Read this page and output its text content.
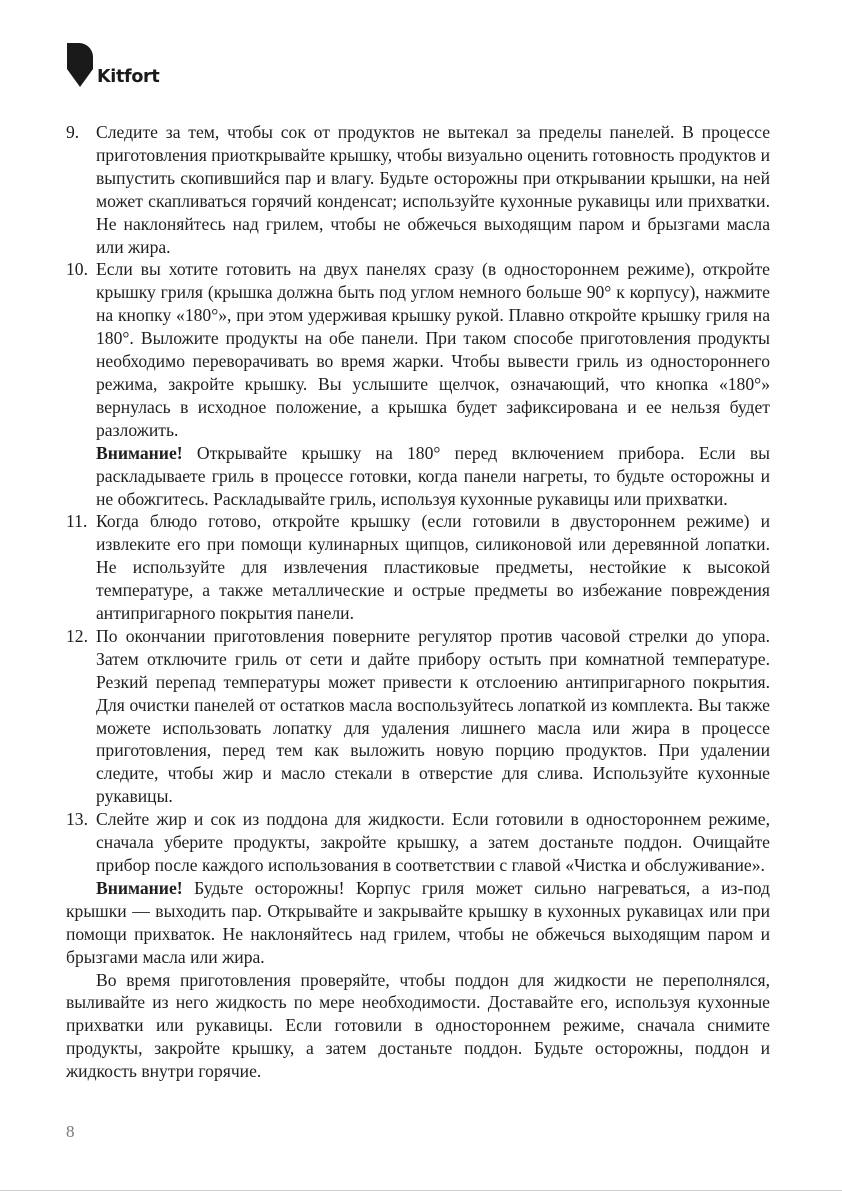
Kitfort
9. Следите за тем, чтобы сок от продуктов не вытекал за пределы панелей. В процессе приготовления приоткрывайте крышку, чтобы визуально оценить готовность продуктов и выпустить скопившийся пар и влагу. Будьте осторожны при открывании крышки, на ней может скапливаться горячий конденсат; используйте кухонные рукавицы или прихватки. Не наклоняйтесь над грилем, чтобы не обжечься выходящим паром и брызгами масла или жира.

10. Если вы хотите готовить на двух панелях сразу (в одностороннем режиме), откройте крышку гриля (крышка должна быть под углом немного больше 90° к корпусу), нажмите на кнопку «180°», при этом удерживая крышку рукой. Плавно откройте крышку гриля на 180°. Выложите продукты на обе панели. При таком способе приготовления продукты необходимо переворачивать во время жарки. Чтобы вывести гриль из одностороннего режима, закройте крышку. Вы услышите щелчок, означающий, что кнопка «180°» вернулась в исходное положение, а крышка будет зафиксирована и ее нельзя будет разложить.

Внимание! Открывайте крышку на 180° перед включением прибора. Если вы раскладываете гриль в процессе готовки, когда панели нагреты, то будьте осторожны и не обожгитесь. Раскладывайте гриль, используя кухонные рукавицы или прихватки.

11. Когда блюдо готово, откройте крышку (если готовили в двустороннем режиме) и извлеките его при помощи кулинарных щипцов, силиконовой или деревянной лопатки. Не используйте для извлечения пластиковые предметы, нестойкие к высокой температуре, а также металлические и острые предметы во избежание повреждения антипригарного покрытия панели.

12. По окончании приготовления поверните регулятор против часовой стрелки до упора. Затем отключите гриль от сети и дайте прибору остыть при комнатной температуре. Резкий перепад температуры может привести к отслоению антипригарного покрытия. Для очистки панелей от остатков масла воспользуйтесь лопаткой из комплекта. Вы также можете использовать лопатку для удаления лишнего масла или жира в процессе приготовления, перед тем как выложить новую порцию продуктов. При удалении следите, чтобы жир и масло стекали в отверстие для слива. Используйте кухонные рукавицы.

13. Слейте жир и сок из поддона для жидкости. Если готовили в одностороннем режиме, сначала уберите продукты, закройте крышку, а затем достаньте поддон. Очищайте прибор после каждого использования в соответствии с главой «Чистка и обслуживание».

Внимание! Будьте осторожны! Корпус гриля может сильно нагреваться, а из-под крышки — выходить пар. Открывайте и закрывайте крышку в кухонных рукавицах или при помощи прихваток. Не наклоняйтесь над грилем, чтобы не обжечься выходящим паром и брызгами масла или жира.

Во время приготовления проверяйте, чтобы поддон для жидкости не переполнялся, выливайте из него жидкость по мере необходимости. Доставайте его, используя кухонные прихватки или рукавицы. Если готовили в одностороннем режиме, сначала снимите продукты, закройте крышку, а затем достаньте поддон. Будьте осторожны, поддон и жидкость внутри горячие.

8
